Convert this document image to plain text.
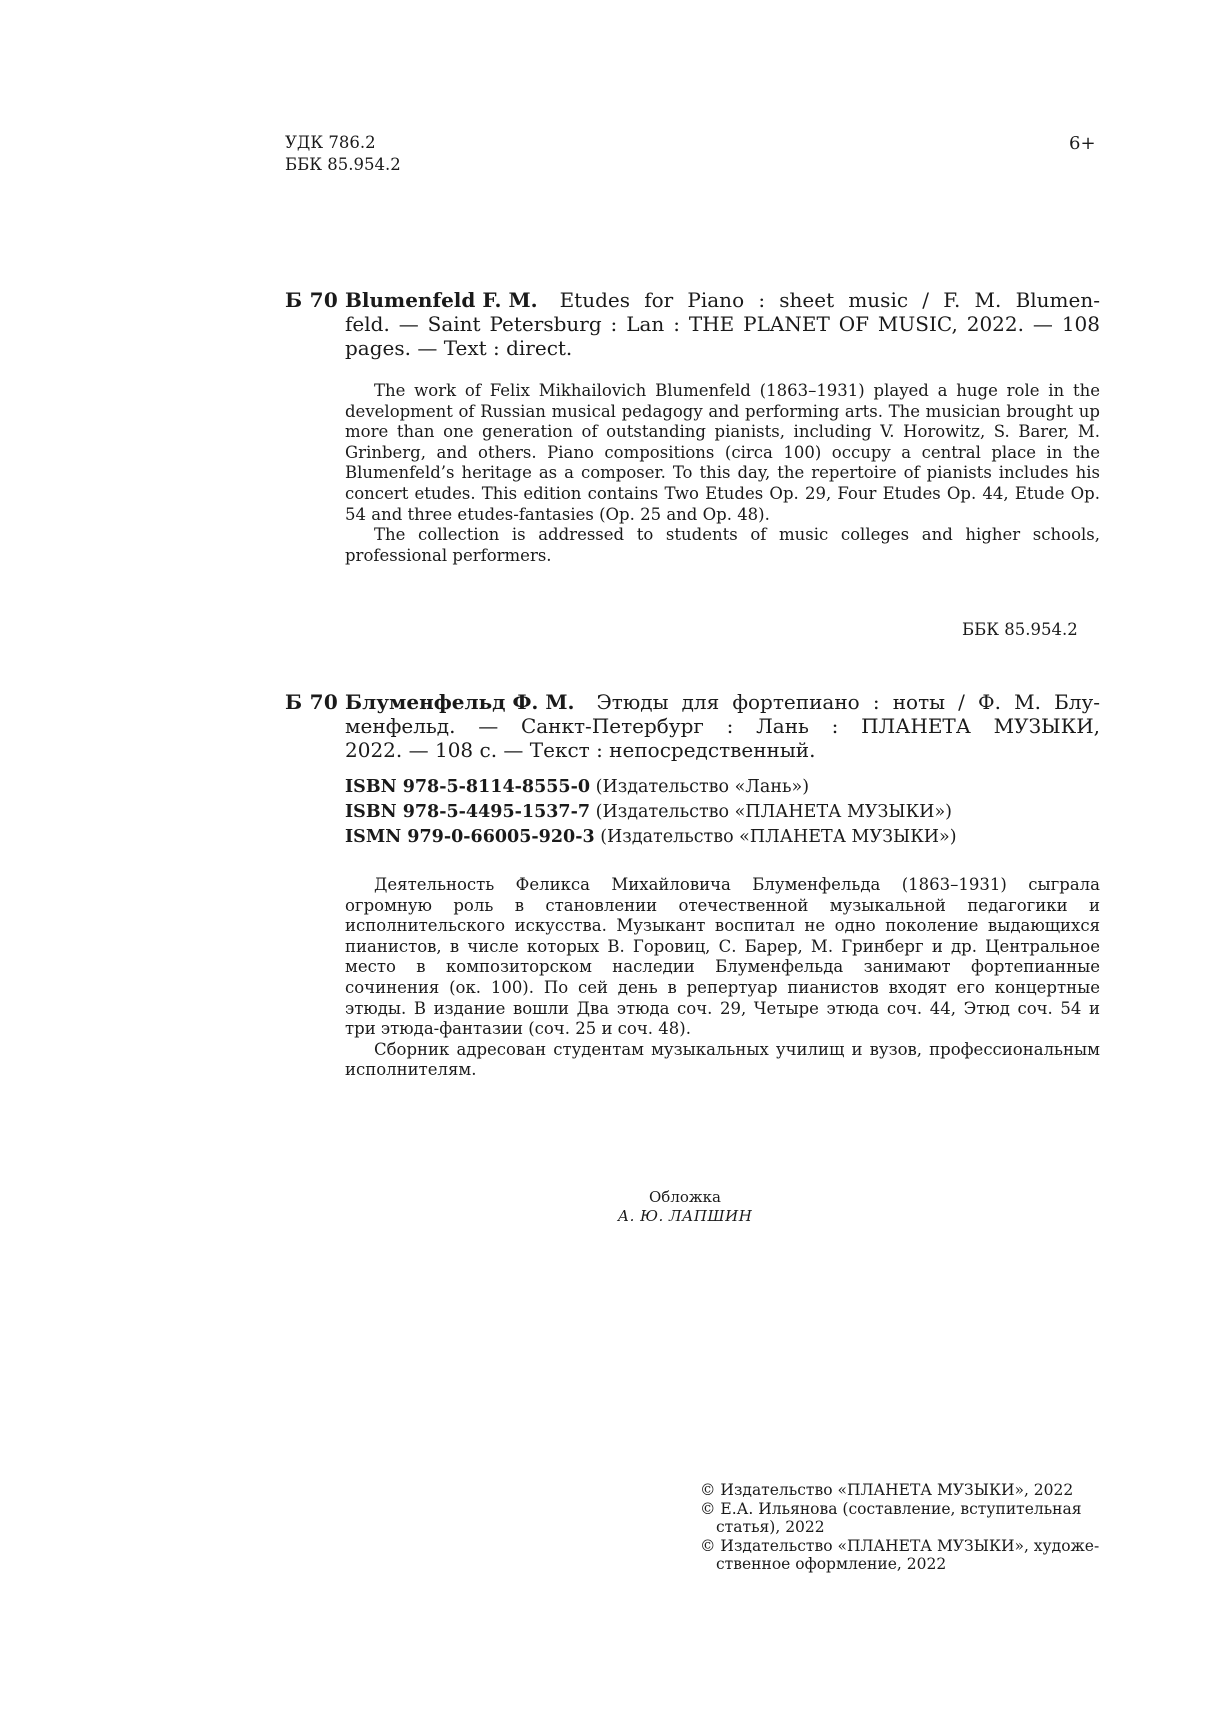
УДК 786.2
ББК 85.954.2
6+
Б 70 Blumenfeld F. M. Etudes for Piano : sheet music / F. M. Blumen-
feld. — Saint Petersburg : Lan : THE PLANET OF MUSIC, 2022. — 108
pages. — Text : direct.

The work of Felix Mikhailovich Blumenfeld (1863–1931) played a huge role in the development of Russian musical pedagogy and performing arts. The musician brought up more than one generation of outstanding pianists, including V. Horowitz, S. Barer, M. Grinberg, and others. Piano compositions (circa 100) occupy a central place in the Blumenfeld’s heritage as a composer. To this day, the repertoire of pianists includes his concert etudes. This edition contains Two Etudes Op. 29, Four Etudes Op. 44, Etude Op. 54 and three etudes-fantasies (Op. 25 and Op. 48).

The collection is addressed to students of music colleges and higher schools, professional performers.

ББК 85.954.2
Б 70 Блуменфельд Ф. М. Этюды для фортепиано : ноты / Ф. М. Блу-
менфельд. — Санкт-Петербург : Лань : ПЛАНЕТА МУЗЫКИ,
2022. — 108 с. — Текст : непосредственный.
ISBN 978-5-8114-8555-0 (Издательство «Лань»)
ISBN 978-5-4495-1537-7 (Издательство «ПЛАНЕТА МУЗЫКИ»)
ISMN 979-0-66005-920-3 (Издательство «ПЛАНЕТА МУЗЫКИ»)

Деятельность Феликса Михайловича Блуменфельда (1863–1931) сыграла огромную роль в становлении отечественной музыкальной педагогики и исполнительского искусства. Музыкант воспитал не одно поколение выдающихся пианистов, в числе которых В. Горовиц, С. Барер, М. Гринберг и др. Центральное место в композиторском наследии Блуменфельда занимают фортепианные сочинения (ок. 100). По сей день в репертуар пианистов входят его концертные этюды. В издание вошли Два этюда соч. 29, Четыре этюда соч. 44, Этюд соч. 54 и три этюда-фантазии (соч. 25 и соч. 48).

Сборник адресован студентам музыкальных училищ и вузов, профессиональным исполнителям.

Обложка
А. Ю. ЛАПШИН

© Издательство «ПЛАНЕТА МУЗЫКИ», 2022

© Е.А. Ильянова (составление, вступительная статья), 2022

© Издательство «ПЛАНЕТА МУЗЫКИ», художе-ственное оформление, 2022
